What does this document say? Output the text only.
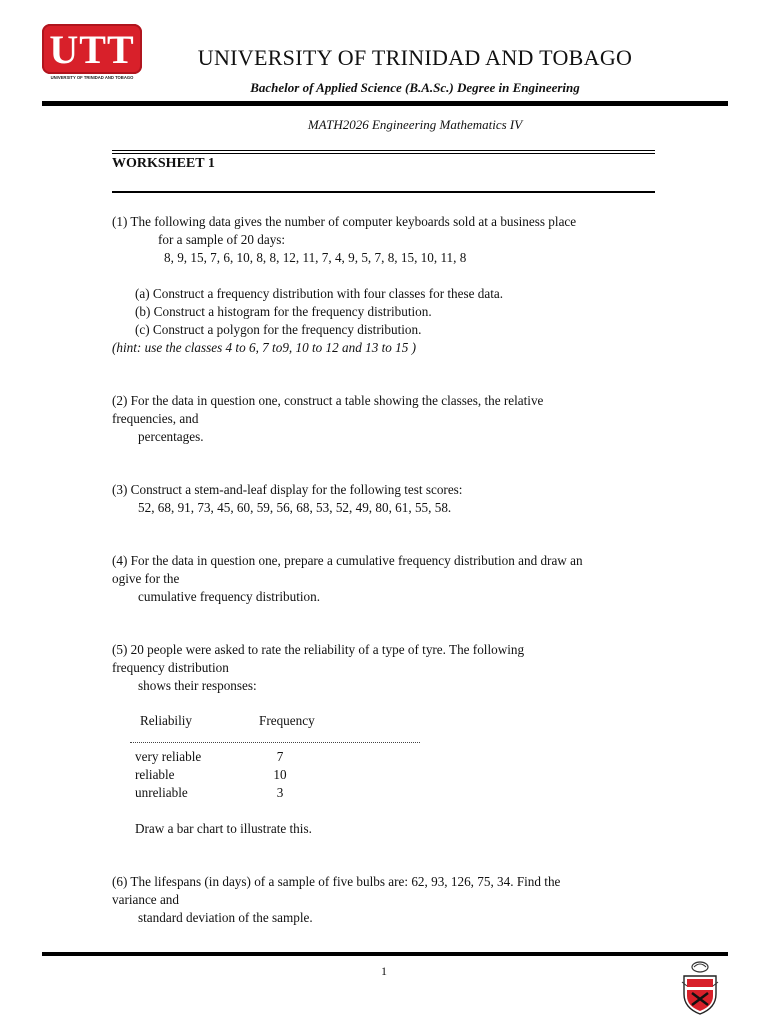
UTT
UNIVERSITY OF TRINIDAD AND TOBAGO
UNIVERSITY OF TRINIDAD AND TOBAGO
Bachelor of Applied Science (B.A.Sc.) Degree in Engineering
MATH2026 Engineering Mathematics IV
WORKSHEET 1
(1) The following data gives the number of computer keyboards sold at a business place
for a sample of 20 days:
8, 9, 15, 7, 6, 10, 8, 8, 12, 11, 7, 4, 9, 5, 7, 8, 15, 10, 11, 8
(a) Construct a frequency distribution with four classes for these data.
(b) Construct a histogram for the frequency distribution.
(c) Construct a polygon for the frequency distribution.
(hint: use the classes 4 to 6, 7 to9, 10 to 12 and 13 to 15 )
(2) For the data in question one, construct a table showing the classes, the relative
frequencies, and
percentages.
(3) Construct a stem-and-leaf display for the following test scores:
52, 68, 91, 73, 45, 60, 59, 56, 68, 53, 52, 49, 80, 61, 55, 58.
(4) For the data in question one, prepare a cumulative frequency distribution and draw an
ogive for the
cumulative frequency distribution.
(5) 20 people were asked to rate the reliability of a type of tyre. The following
frequency distribution
shows their responses:
Reliabiliy	Frequency
very reliable	7
reliable	10
unreliable	3
Draw a bar chart to illustrate this.
(6) The lifespans (in days) of a sample of five bulbs are: 62, 93, 126, 75, 34. Find the
variance and
standard deviation of the sample.
1
